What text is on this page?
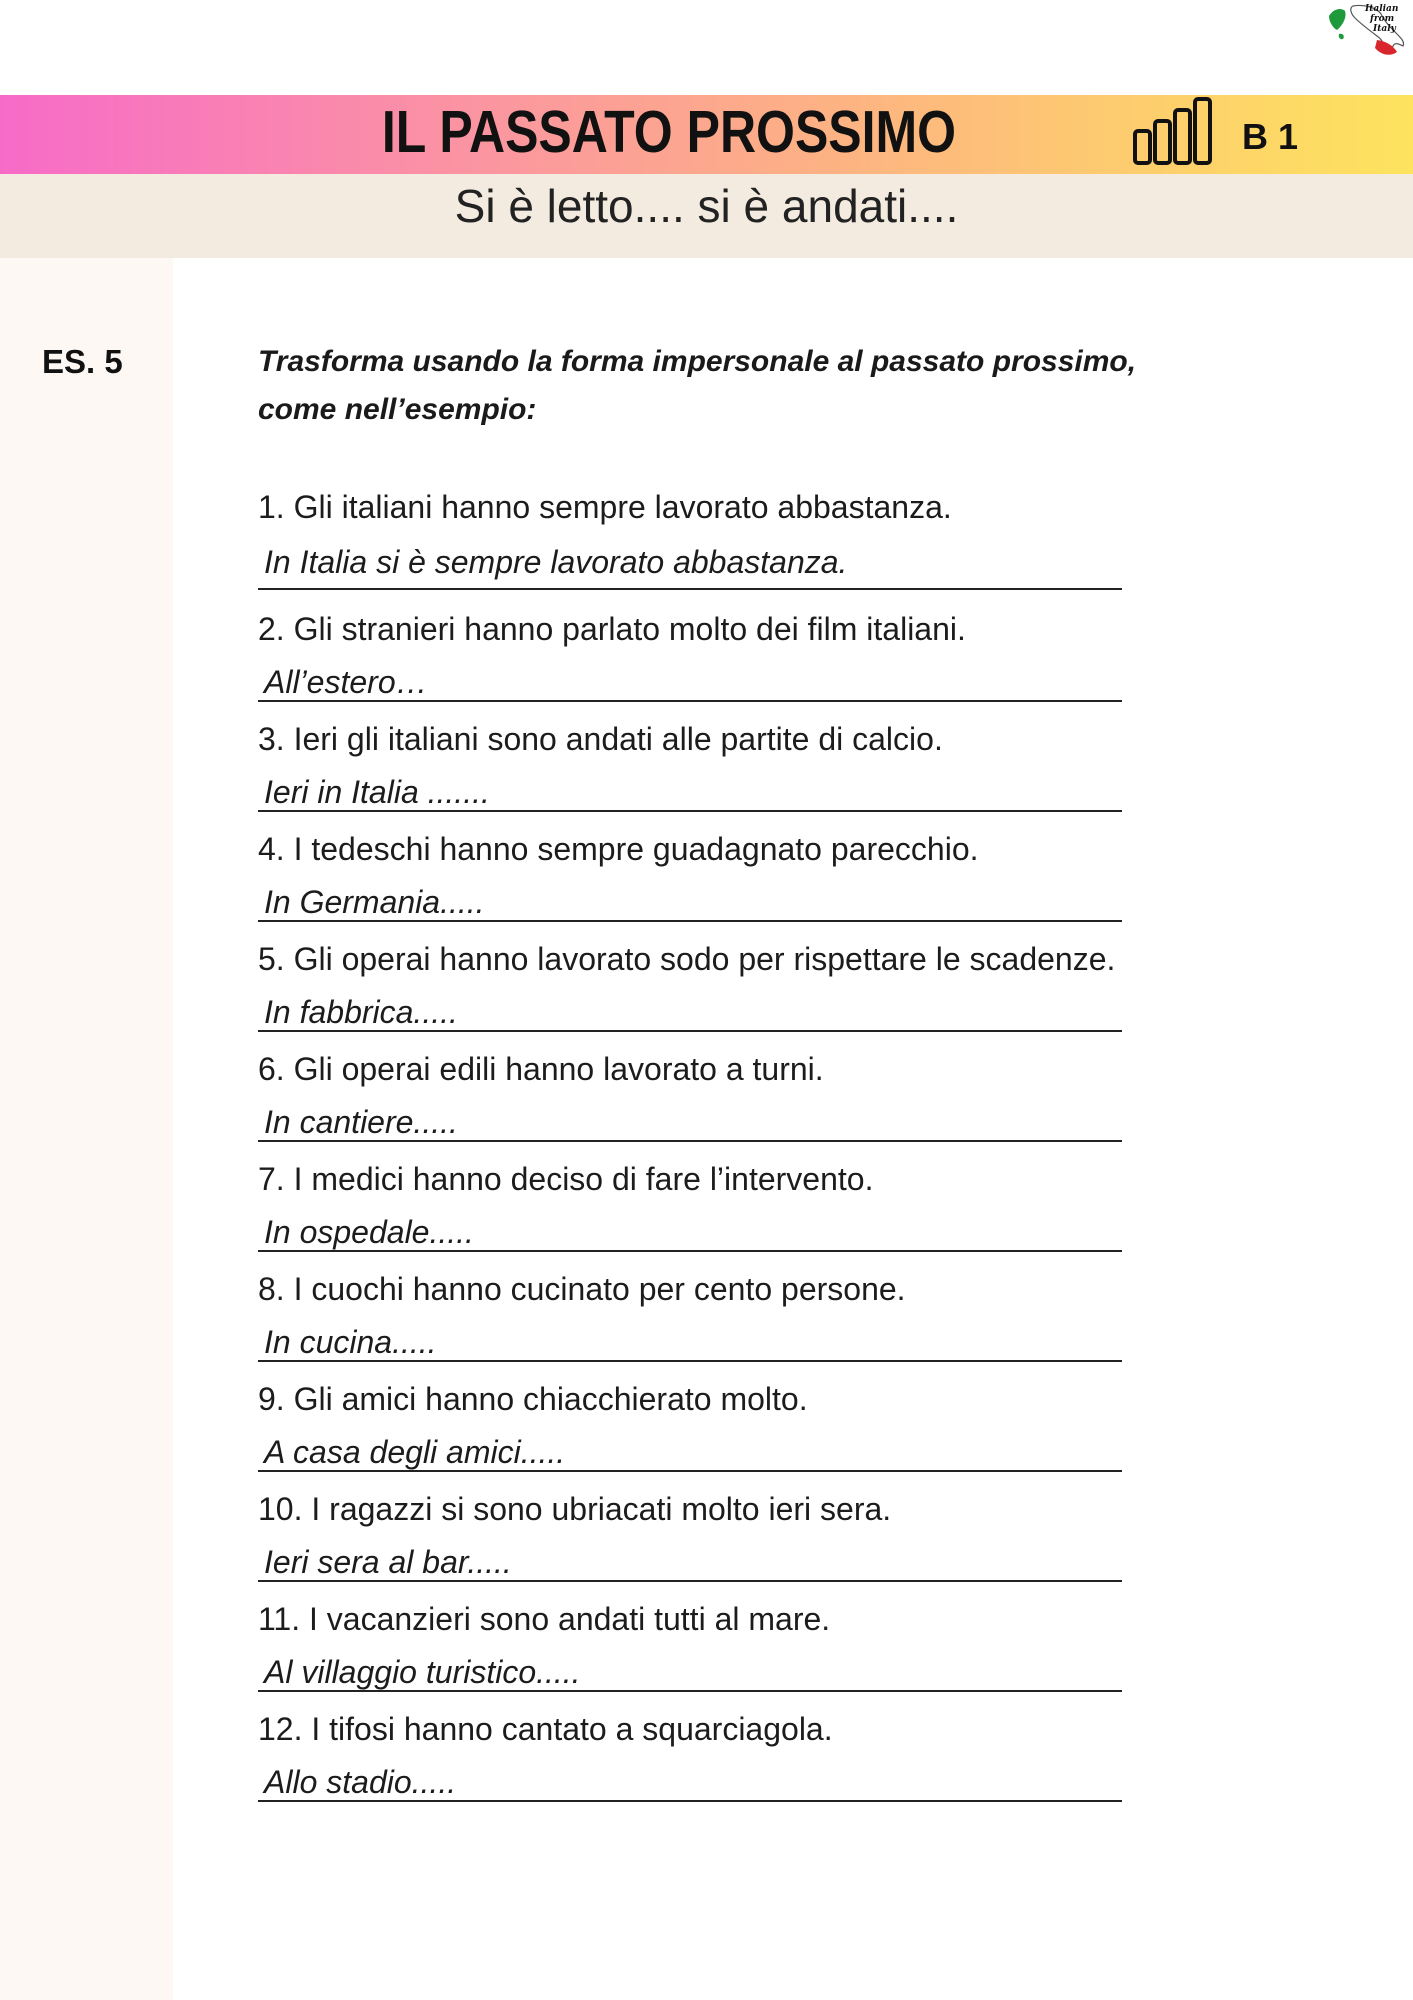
Italian
from
Italy
IL PASSATO PROSSIMO	B 1
Si è letto.... si è andati....
ES. 5	Trasforma usando la forma impersonale al passato prossimo,
come nell’esempio:
1. Gli italiani hanno sempre lavorato abbastanza.
In Italia si è sempre lavorato abbastanza.
2. Gli stranieri hanno parlato molto dei film italiani.
All’estero…
3. Ieri gli italiani sono andati alle partite di calcio.
Ieri in Italia .......
4. I tedeschi hanno sempre guadagnato parecchio.
In Germania.....
5. Gli operai hanno lavorato sodo per rispettare le scadenze.
In fabbrica.....
6. Gli operai edili hanno lavorato a turni.
In cantiere.....
7. I medici hanno deciso di fare l’intervento.
In ospedale.....
8. I cuochi hanno cucinato per cento persone.
In cucina.....
9. Gli amici hanno chiacchierato molto.
A casa degli amici.....
10. I ragazzi si sono ubriacati molto ieri sera.
Ieri sera al bar.....
11. I vacanzieri sono andati tutti al mare.
Al villaggio turistico.....
12. I tifosi hanno cantato a squarciagola.
Allo stadio.....
